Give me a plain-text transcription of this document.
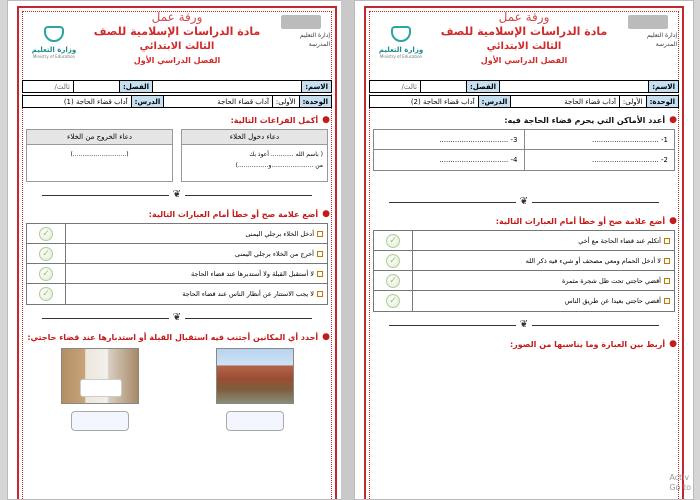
إدارة التعليم
المدرسة
ورقة عمل
مادة الدراسات الإسلامية للصف
الثالث الابتدائي
الفصل الدراسي الأول
وزارة التعليم
Ministry of Education
الاسم:
الفصل:
ثالث/
الوحدة:
الأولى:
آداب قضاء الحاجة
الدرس:
آداب قضاء الحاجة (1)
●
أكمل الفراغات التالية:
دعاء دخول الخلاء
( باسم الله ............ أعوذ بك
من ......................و................)
دعاء الخروج من الخلاء
(............................)
❦
●
أضع علامة صح أو خطأ أمام العبارات التالية:
أدخل الخلاء برجلي اليمنى
✓
أخرج من الخلاء برجلي اليمنى
✓
لا أستقبل القبلة ولا أستدبرها عند قضاء الحاجة
✓
لا يجب الاستتار عن أنظار الناس عند قضاء الحاجة
✓
❦
●
أحدد أي المكانين أجتنب فيه استقبال القبلة أو استدبارها عند قضاء حاجتي:
إدارة التعليم
المدرسة
ورقة عمل
مادة الدراسات الإسلامية للصف
الثالث الابتدائي
الفصل الدراسي الأول
وزارة التعليم
Ministry of Education
الاسم:
الفصل:
ثالث/
الوحدة:
الأولى:
آداب قضاء الحاجة
الدرس:
آداب قضاء الحاجة (2)
●
أعدد الأماكن التي يحرم قضاء الحاجة فيه:
1- ..............................
3- ...............................
2- ..............................
4- ...............................
❦
●
أضع علامة صح أو خطأ أمام العبارات التالية:
أتكلم عند قضاء الحاجة مع أخي
✓
لا أدخل الحمام ومعي مصحف أو شيء فيه ذكر الله
✓
أقضي حاجتي تحت ظل شجرة مثمرة
✓
أقضي حاجتي بعيدا عن طريق الناس
✓
❦
●
أربط بين العبارة وما يناسبها من الصور:
Activ
Go to
